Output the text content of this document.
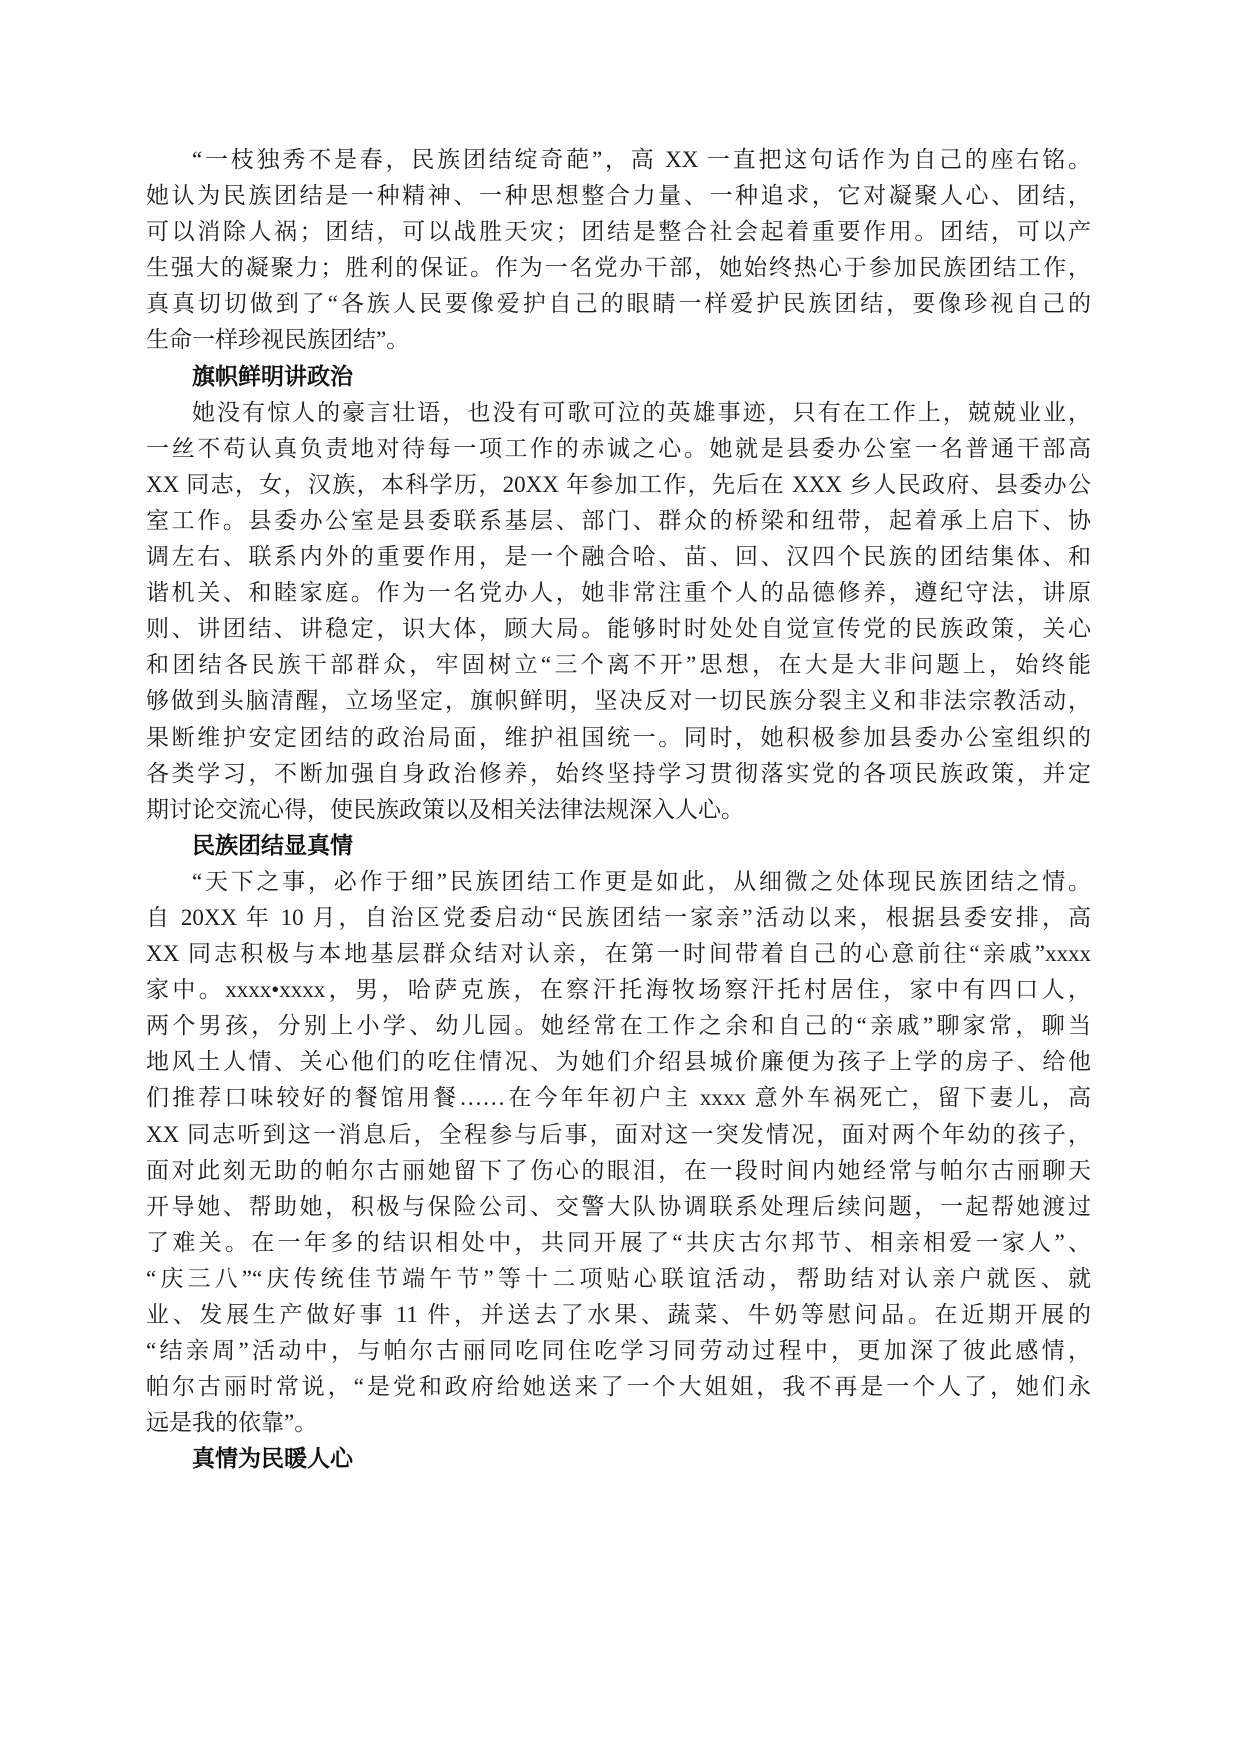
“一枝独秀不是春，民族团结绽奇葩”，高 XX 一直把这句话作为自己的座右铭。
她认为民族团结是一种精神、一种思想整合力量、一种追求，它对凝聚人心、团结，
可以消除人祸；团结，可以战胜天灾；团结是整合社会起着重要作用。团结，可以产
生强大的凝聚力；胜利的保证。作为一名党办干部，她始终热心于参加民族团结工作，
真真切切做到了“各族人民要像爱护自己的眼睛一样爱护民族团结，要像珍视自己的
生命一样珍视民族团结”。
旗帜鲜明讲政治
她没有惊人的豪言壮语，也没有可歌可泣的英雄事迹，只有在工作上，兢兢业业，
一丝不苟认真负责地对待每一项工作的赤诚之心。她就是县委办公室一名普通干部高
XX 同志，女，汉族，本科学历，20XX 年参加工作，先后在 XXX 乡人民政府、县委办公
室工作。县委办公室是县委联系基层、部门、群众的桥梁和纽带，起着承上启下、协
调左右、联系内外的重要作用，是一个融合哈、苗、回、汉四个民族的团结集体、和
谐机关、和睦家庭。作为一名党办人，她非常注重个人的品德修养，遵纪守法，讲原
则、讲团结、讲稳定，识大体，顾大局。能够时时处处自觉宣传党的民族政策，关心
和团结各民族干部群众，牢固树立“三个离不开”思想，在大是大非问题上，始终能
够做到头脑清醒，立场坚定，旗帜鲜明，坚决反对一切民族分裂主义和非法宗教活动，
果断维护安定团结的政治局面，维护祖国统一。同时，她积极参加县委办公室组织的
各类学习，不断加强自身政治修养，始终坚持学习贯彻落实党的各项民族政策，并定
期讨论交流心得，使民族政策以及相关法律法规深入人心。
民族团结显真情
“天下之事，必作于细”民族团结工作更是如此，从细微之处体现民族团结之情。
自 20XX 年 10 月，自治区党委启动“民族团结一家亲”活动以来，根据县委安排，高
XX 同志积极与本地基层群众结对认亲，在第一时间带着自己的心意前往“亲戚”xxxx
家中。xxxx•xxxx，男，哈萨克族，在察汗托海牧场察汗托村居住，家中有四口人，
两个男孩，分别上小学、幼儿园。她经常在工作之余和自己的“亲戚”聊家常，聊当
地风土人情、关心他们的吃住情况、为她们介绍县城价廉便为孩子上学的房子、给他
们推荐口味较好的餐馆用餐……在今年年初户主 xxxx 意外车祸死亡，留下妻儿，高
XX 同志听到这一消息后，全程参与后事，面对这一突发情况，面对两个年幼的孩子，
面对此刻无助的帕尔古丽她留下了伤心的眼泪，在一段时间内她经常与帕尔古丽聊天
开导她、帮助她，积极与保险公司、交警大队协调联系处理后续问题，一起帮她渡过
了难关。在一年多的结识相处中，共同开展了“共庆古尔邦节、相亲相爱一家人”、
“庆三八”“庆传统佳节端午节”等十二项贴心联谊活动，帮助结对认亲户就医、就
业、发展生产做好事 11 件，并送去了水果、蔬菜、牛奶等慰问品。在近期开展的
“结亲周”活动中，与帕尔古丽同吃同住吃学习同劳动过程中，更加深了彼此感情，
帕尔古丽时常说，“是党和政府给她送来了一个大姐姐，我不再是一个人了，她们永
远是我的依靠”。
真情为民暖人心
